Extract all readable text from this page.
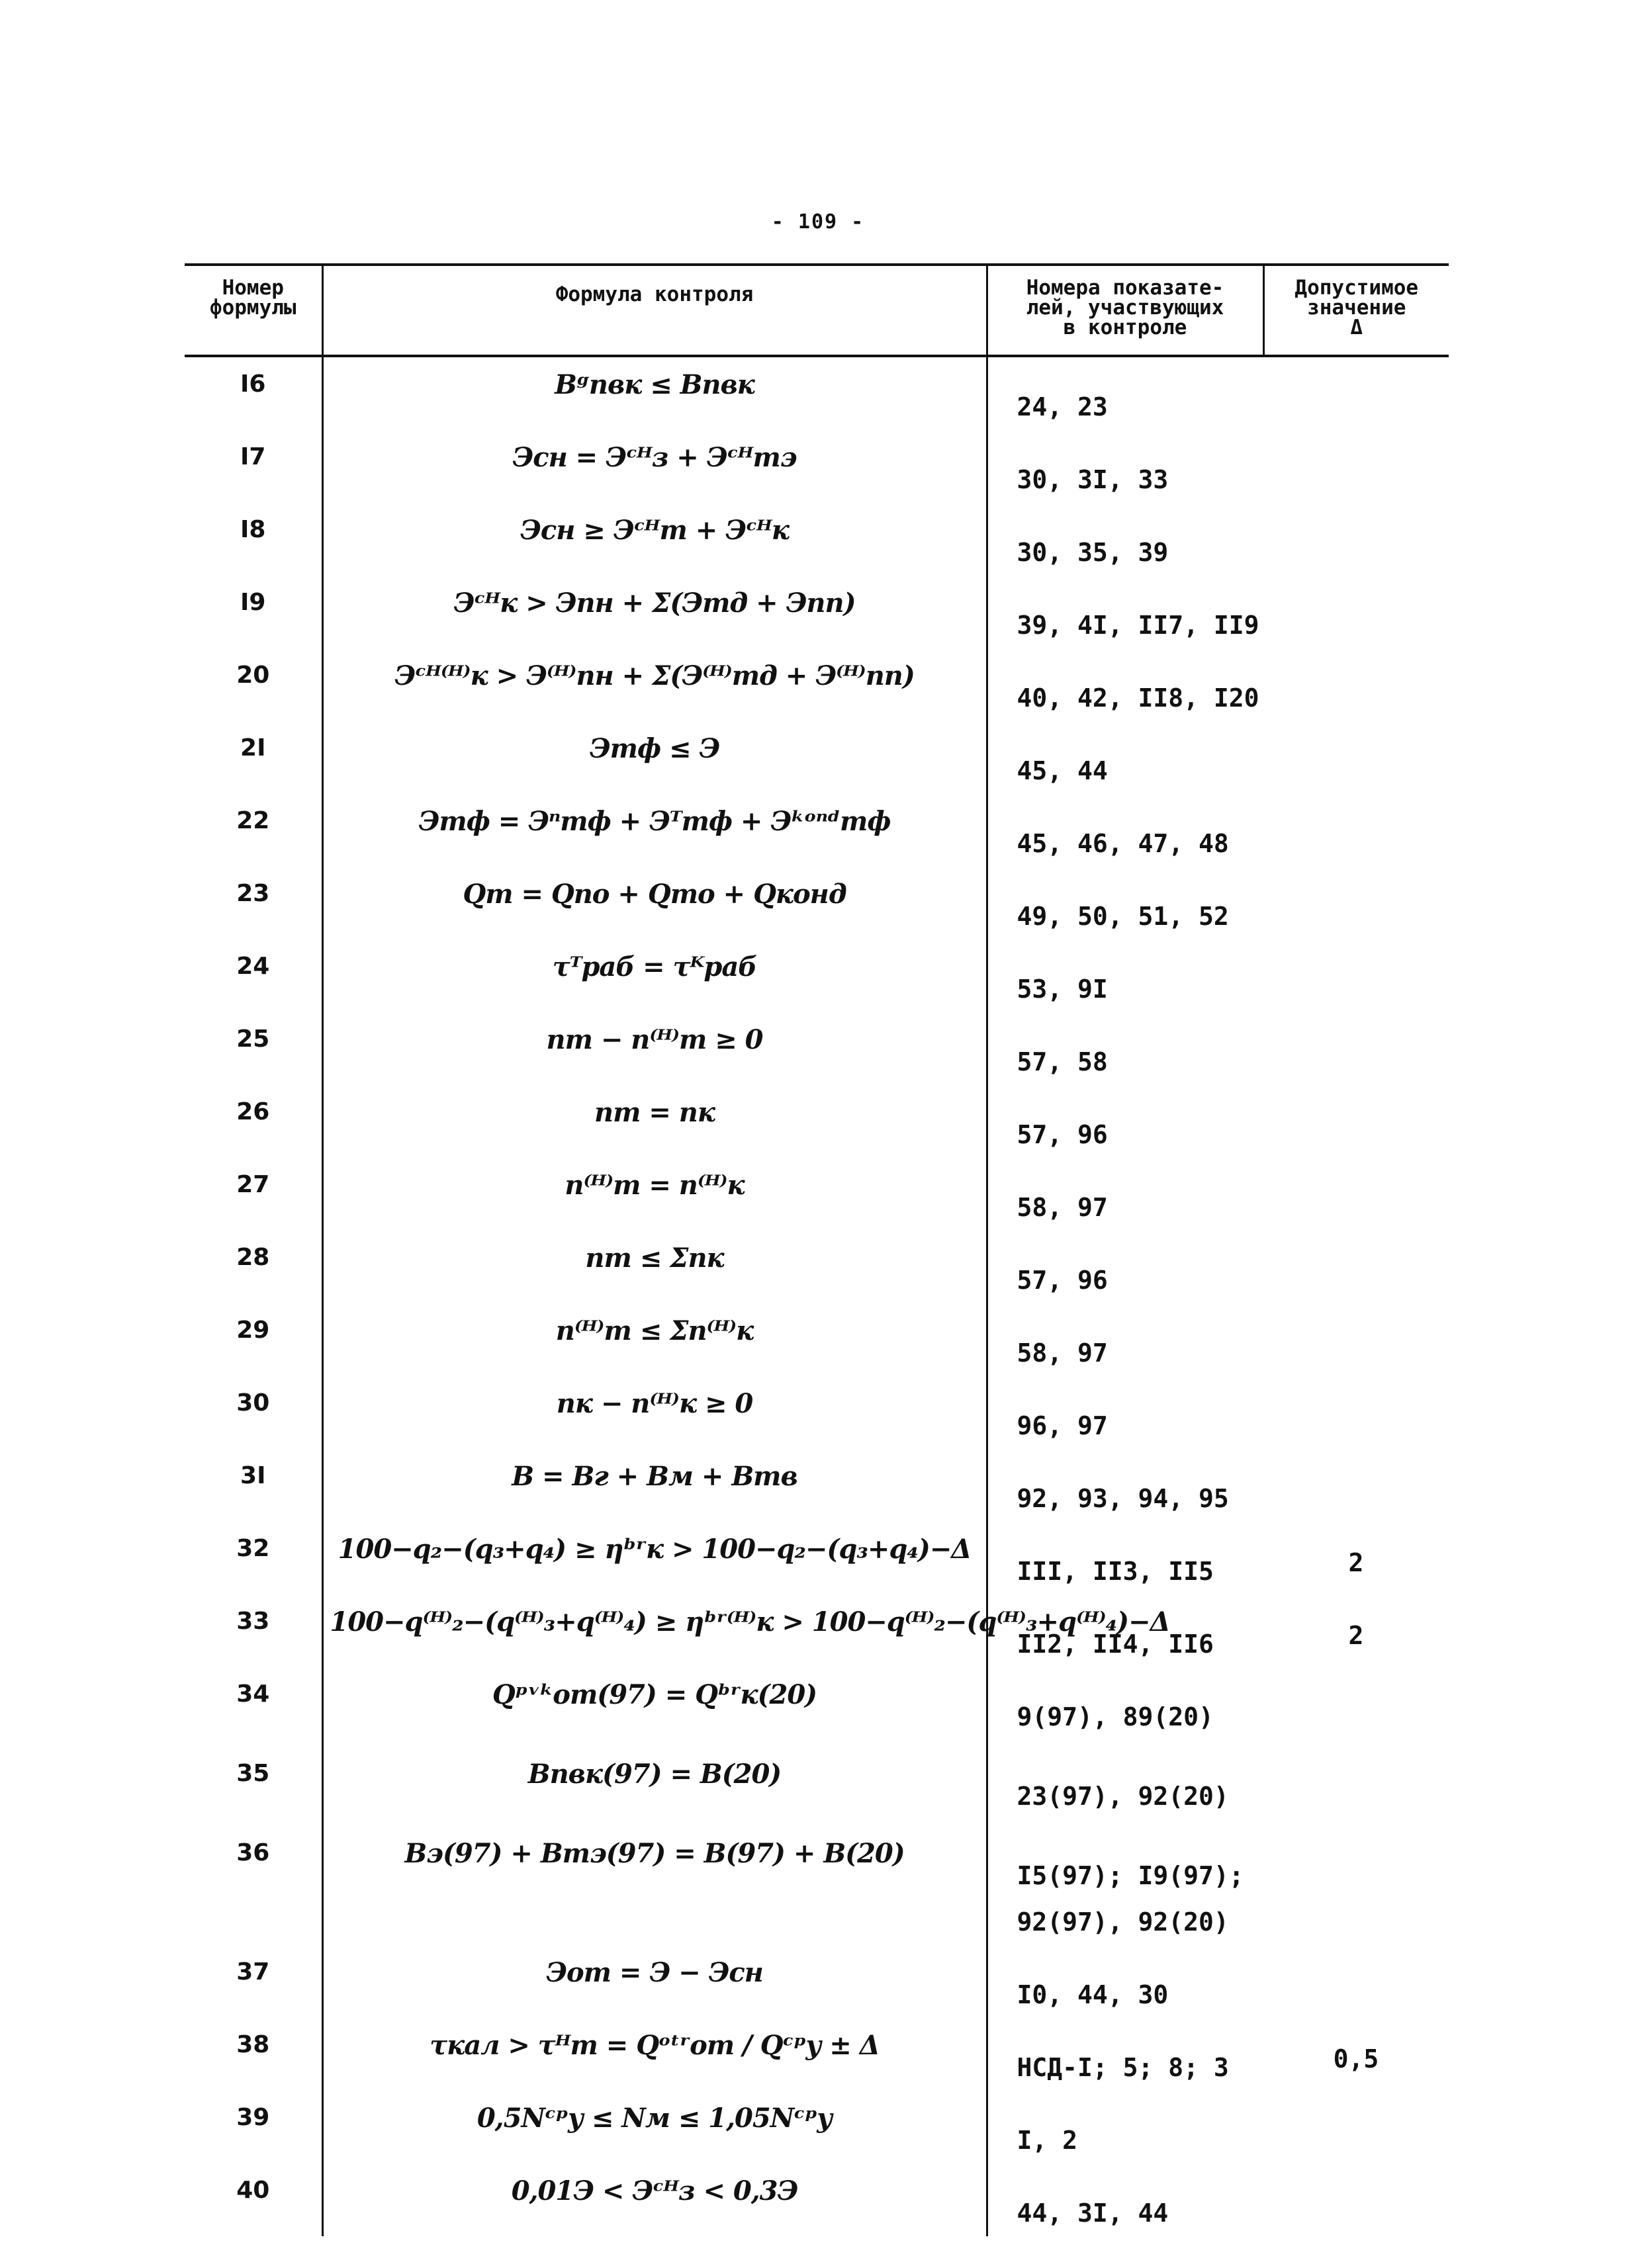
- 109 -
Номер
формулы	Формула контроля	Номера показате-
лей, участвующих
в контроле	Допустимое
значение
Δ
I6	Bᵍпвк ≤ Bпвк	24, 23	
I7	Эсн = Эᶜᴴз + Эᶜᴴтэ	30, 3I, 33	
I8	Эсн ≥ Эᶜᴴт + Эᶜᴴк	30, 35, 39	
I9	Эᶜᴴк > Эпн + Σ(Этд + Эпп)	39, 4I, II7, II9	
20	Эᶜᴴ⁽ᴴ⁾к > Э⁽ᴴ⁾пн + Σ(Э⁽ᴴ⁾тд + Э⁽ᴴ⁾пп)	40, 42, II8, I20	
2I	Этф ≤ Э	45, 44	
22	Этф = Эⁿтф + Эᵀтф + Эᵏᵒⁿᵈтф	45, 46, 47, 48	
23	Qт = Qпо + Qто + Qконд	49, 50, 51, 52	
24	τᵀраб = τᴷраб	53, 9I	
25	nт − n⁽ᴴ⁾т ≥ 0	57, 58	
26	nт = nк	57, 96	
27	n⁽ᴴ⁾т = n⁽ᴴ⁾к	58, 97	
28	nт ≤ Σnк	57, 96	
29	n⁽ᴴ⁾т ≤ Σn⁽ᴴ⁾к	58, 97	
30	nк − n⁽ᴴ⁾к ≥ 0	96, 97	
3I	B = Bг + Bм + Bтв	92, 93, 94, 95	
32	100−q₂−(q₃+q₄) ≥ ηᵇʳк > 100−q₂−(q₃+q₄)−Δ	III, II3, II5	2
33	100−q⁽ᴴ⁾₂−(q⁽ᴴ⁾₃+q⁽ᴴ⁾₄) ≥ ηᵇʳ⁽ᴴ⁾к > 100−q⁽ᴴ⁾₂−(q⁽ᴴ⁾₃+q⁽ᴴ⁾₄)−Δ	II2, II4, II6	2
34	Qᵖᵛᵏот(97) = Qᵇʳк(20)	9(97), 89(20)	
35	Bпвк(97) = B(20)	23(97), 92(20)	
36	Bэ(97) + Bтэ(97) = B(97) + B(20)	I5(97); I9(97);
92(97), 92(20)	
37	Эот = Э − Эсн	I0, 44, 30	
38	τкал > τᴴт = Qᵒᵗʳот / Qᶜᵖу ± Δ	НСД-I; 5; 8; 3	0,5
39	0,5Nᶜᵖу ≤ Nм ≤ 1,05Nᶜᵖу	I, 2	
40	0,01Э < Эᶜᴴз < 0,3Э	44, 3I, 44	
